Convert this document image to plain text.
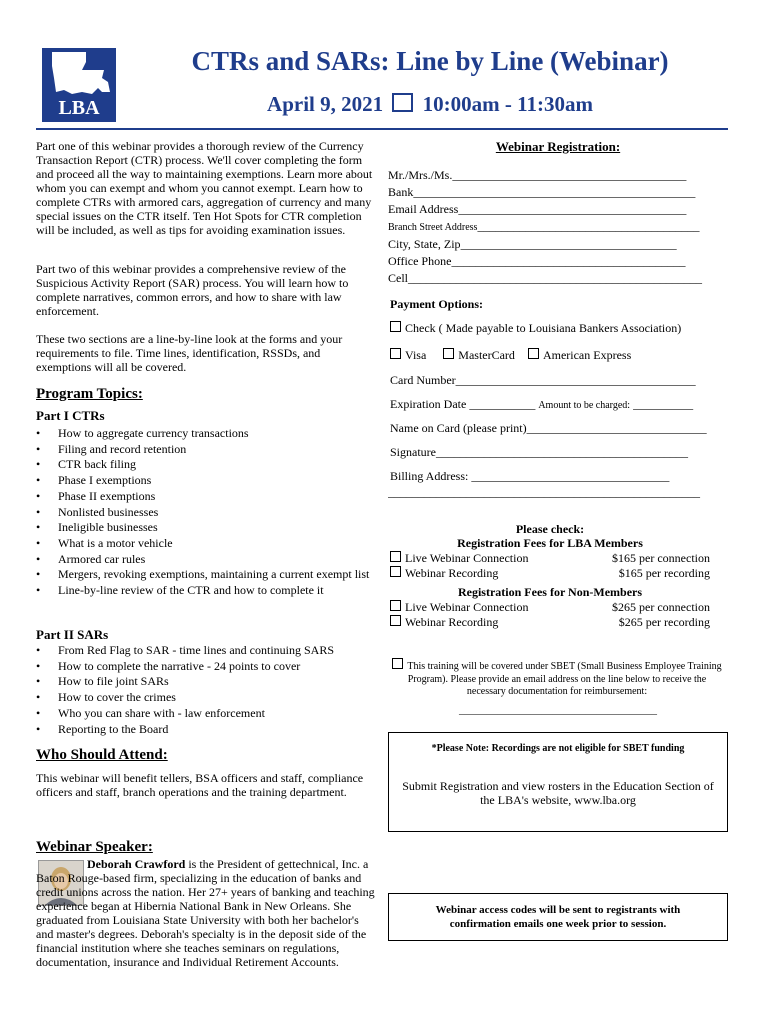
LBA
CTRs and SARs: Line by Line (Webinar)
April 9, 2021 10:00am - 11:30am
Part one of this webinar provides a thorough review of the Currency Transaction Report (CTR) process. We'll cover completing the form and proceed all the way to maintaining exemptions. Learn more about whom you can exempt and whom you cannot exempt. Learn how to complete CTRs with armored cars, aggregation of currency and many special issues on the CTR itself. Ten Hot Spots for CTR completion will be included, as well as tips for avoiding examination issues.
Part two of this webinar provides a comprehensive review of the Suspicious Activity Report (SAR) process. You will learn how to complete narratives, common errors, and how to share with law enforcement.
These two sections are a line-by-line look at the forms and your requirements to file. Time lines, identification, RSSDs, and exemptions will all be covered.
Program Topics:
Part I CTRs
• How to aggregate currency transactions
• Filing and record retention
• CTR back filing
• Phase I exemptions
• Phase II exemptions
• Nonlisted businesses
• Ineligible businesses
• What is a motor vehicle
• Armored car rules
• Mergers, revoking exemptions, maintaining a current exempt list
• Line-by-line review of the CTR and how to complete it
Part II SARs
• From Red Flag to SAR - time lines and continuing SARS
• How to complete the narrative - 24 points to cover
• How to file joint SARs
• How to cover the crimes
• Who you can share with - law enforcement
• Reporting to the Board
Who Should Attend:
This webinar will benefit tellers, BSA officers and staff, compliance officers and staff, branch operations and the training department.
Webinar Speaker:
Deborah Crawford is the President of gettechnical, Inc. a Baton Rouge-based firm, specializing in the education of banks and credit unions across the nation. Her 27+ years of banking and teaching experience began at Hibernia National Bank in New Orleans. She graduated from Louisiana State University with both her bachelor's and master's degrees. Deborah's specialty is in the deposit side of the financial institution where she teaches seminars on regulations, documentation, insurance and Individual Retirement Accounts.
Webinar Registration:
Mr./Mrs./Ms._______________________________________
Bank_______________________________________________
Email Address______________________________________
Branch Street Address_____________________________________
City, State, Zip____________________________________
Office Phone_______________________________________
Cell_________________________________________________
Payment Options:
Check ( Made payable to Louisiana Bankers Association)
Visa	MasterCard American Express
Card Number________________________________________
Expiration Date ___________ Amount to be charged: __________
Name on Card (please print)______________________________
Signature__________________________________________
Billing Address: _________________________________
____________________________________________________
Please check:
Registration Fees for LBA Members
Live Webinar Connection	$165 per connection
Webinar Recording	$165 per recording
Registration Fees for Non-Members
Live Webinar Connection	$265 per connection
Webinar Recording	$265 per recording
This training will be covered under SBET (Small Business Employee Training Program). Please provide an email address on the line below to receive the necessary documentation for reimbursement:
____________________________________
*Please Note: Recordings are not eligible for SBET funding
Submit Registration and view rosters in the Education Section of the LBA's website, www.lba.org
Webinar access codes will be sent to registrants with confirmation emails one week prior to session.
